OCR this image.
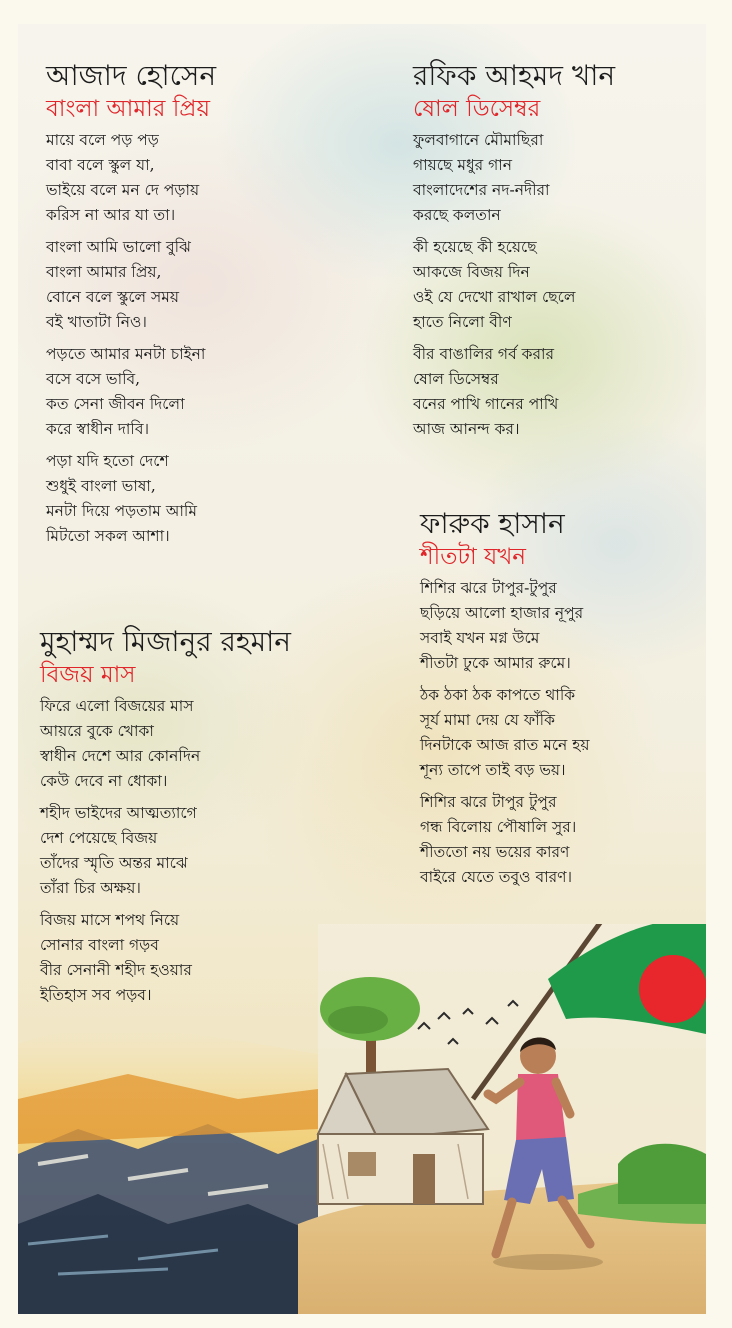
আজাদ হোসেন
বাংলা আমার প্রিয়
মায়ে বলে পড় পড়
বাবা বলে স্কুল যা,
ভাইয়ে বলে মন দে পড়ায়
করিস না আর যা তা।
বাংলা আমি ভালো বুঝি
বাংলা আমার প্রিয়,
বোনে বলে স্কুলে সময়
বই খাতাটা নিও।
পড়তে আমার মনটা চাইনা
বসে বসে ভাবি,
কত সেনা জীবন দিলো
করে স্বাধীন দাবি।
পড়া যদি হতো দেশে
শুধুই বাংলা ভাষা,
মনটা দিয়ে পড়তাম আমি
মিটতো সকল আশা।
রফিক আহমদ খান
ষোল ডিসেম্বর
ফুলবাগানে মৌমাছিরা
গায়ছে মধুর গান
বাংলাদেশের নদ-নদীরা
করছে কলতান
কী হয়েছে কী হয়েছে
আকজে বিজয় দিন
ওই যে দেখো রাখাল ছেলে
হাতে নিলো বীণ
বীর বাঙালির গর্ব করার
ষোল ডিসেম্বর
বনের পাখি গানের পাখি
আজ আনন্দ কর।
ফারুক হাসান
শীতটা যখন
শিশির ঝরে টাপুর-টুপুর
ছড়িয়ে আলো হাজার নূপুর
সবাই যখন মগ্ন উমে
শীতটা ঢুকে আমার রুমে।
ঠক ঠকা ঠক কাপতে থাকি
সূর্য মামা দেয় যে ফাঁকি
দিনটাকে আজ রাত মনে হয়
শূন্য তাপে তাই বড় ভয়।
শিশির ঝরে টাপুর টুপুর
গন্ধ বিলোয় পৌষালি সুর।
শীততো নয় ভয়ের কারণ
বাইরে যেতে তবুও বারণ।
মুহাম্মদ মিজানুর রহমান
বিজয় মাস
ফিরে এলো বিজয়ের মাস
আয়রে বুকে খোকা
স্বাধীন দেশে আর কোনদিন
কেউ দেবে না ধোকা।
শহীদ ভাইদের আত্মত্যাগে
দেশ পেয়েছে বিজয়
তাঁদের স্মৃতি অন্তর মাঝে
তাঁরা চির অক্ষয়।
বিজয় মাসে শপথ নিয়ে
সোনার বাংলা গড়ব
বীর সেনানী শহীদ হওয়ার
ইতিহাস সব পড়ব।
